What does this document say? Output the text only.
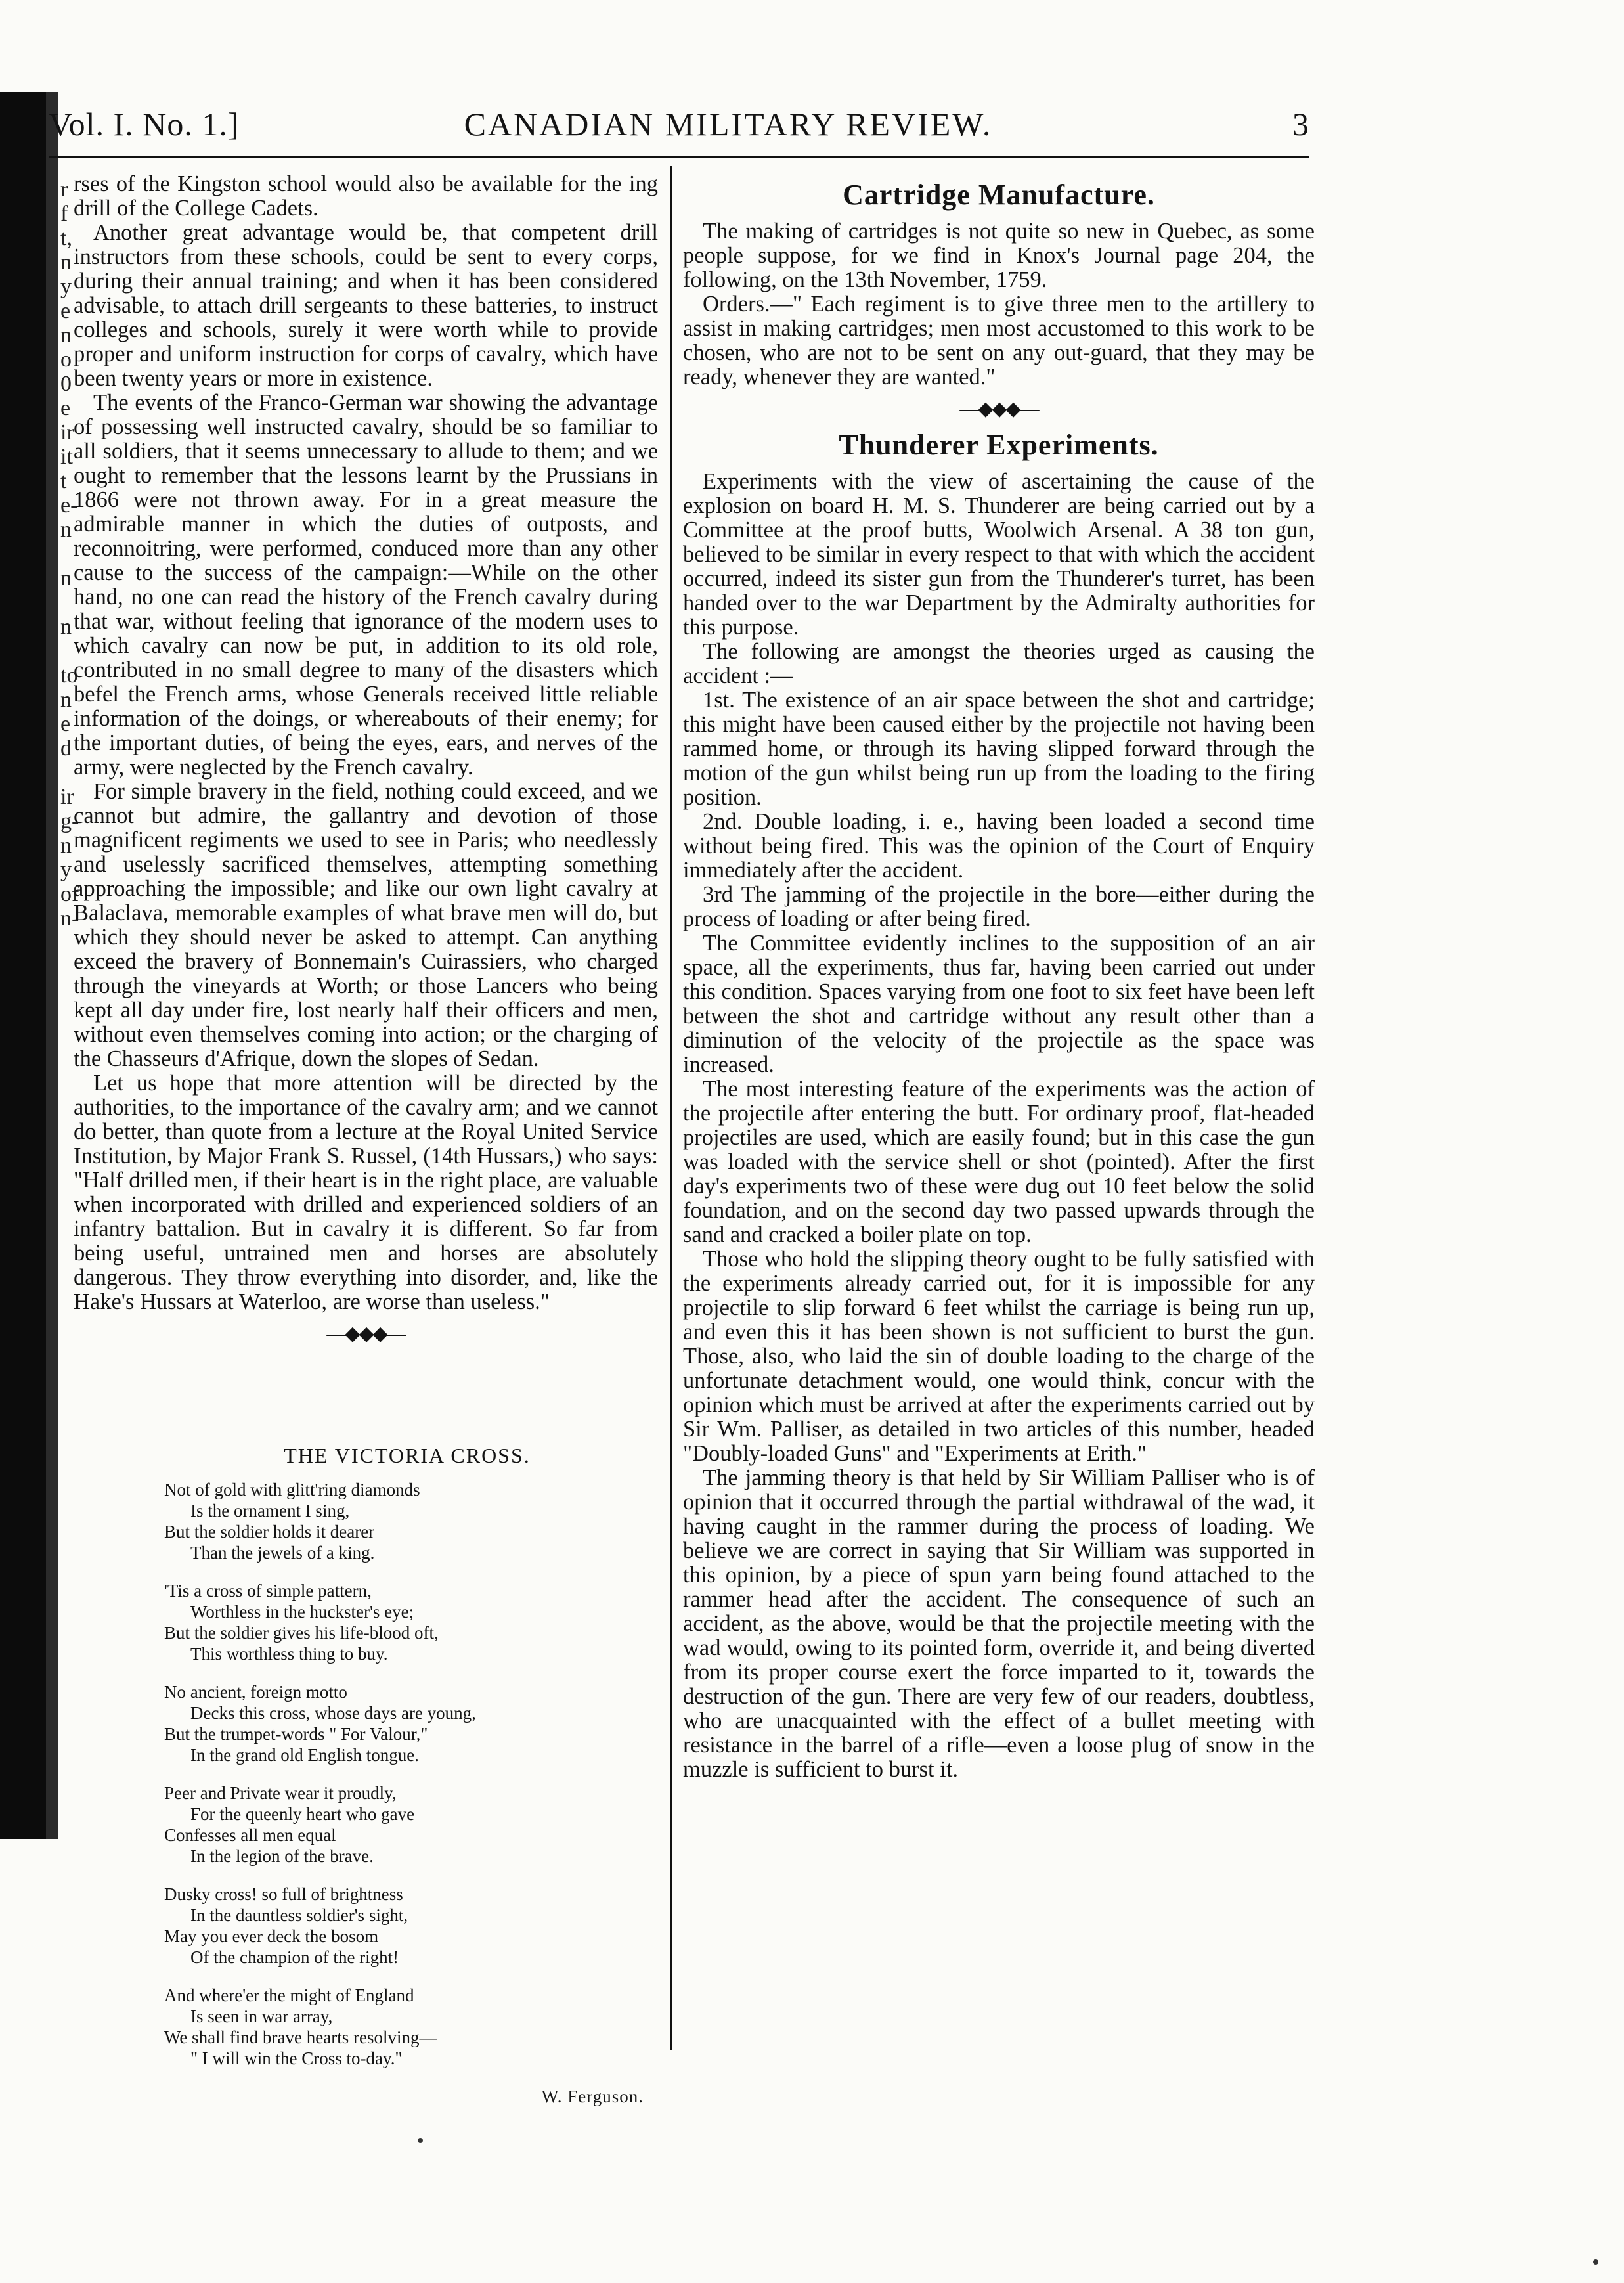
r
f
t,
n
y
e
n
o
0
e
ir
it
t
e-
n
n
n
to
n
e
d
ir
g-
n
y
of
n-
Vol. I. No. 1.]	CANADIAN MILITARY REVIEW.	3

rses of the Kingston school would also be available for the ing drill of the College Cadets.

Another great advantage would be, that competent drill instructors from these schools, could be sent to every corps, during their annual training; and when it has been considered advisable, to attach drill sergeants to these batteries, to instruct colleges and schools, surely it were worth while to provide proper and uniform instruction for corps of cavalry, which have been twenty years or more in existence.

The events of the Franco-German war showing the advantage of possessing well instructed cavalry, should be so familiar to all soldiers, that it seems unnecessary to allude to them; and we ought to remember that the lessons learnt by the Prussians in 1866 were not thrown away. For in a great measure the admirable manner in which the duties of outposts, and reconnoitring, were performed, conduced more than any other cause to the success of the campaign:—While on the other hand, no one can read the history of the French cavalry during that war, without feeling that ignorance of the modern uses to which cavalry can now be put, in addition to its old role, contributed in no small degree to many of the disasters which befel the French arms, whose Generals received little reliable information of the doings, or whereabouts of their enemy; for the important duties, of being the eyes, ears, and nerves of the army, were neglected by the French cavalry.

For simple bravery in the field, nothing could exceed, and we cannot but admire, the gallantry and devotion of those magnificent regiments we used to see in Paris; who needlessly and uselessly sacrificed themselves, attempting something approaching the impossible; and like our own light cavalry at Balaclava, memorable examples of what brave men will do, but which they should never be asked to attempt. Can anything exceed the bravery of Bonnemain's Cuirassiers, who charged through the vineyards at Worth; or those Lancers who being kept all day under fire, lost nearly half their officers and men, without even themselves coming into action; or the charging of the Chasseurs d'Afrique, down the slopes of Sedan.

Let us hope that more attention will be directed by the authorities, to the importance of the cavalry arm; and we cannot do better, than quote from a lecture at the Royal United Service Institution, by Major Frank S. Russel, (14th Hussars,) who says: "Half drilled men, if their heart is in the right place, are valuable when incorporated with drilled and experienced soldiers of an infantry battalion. But in cavalry it is different. So far from being useful, untrained men and horses are absolutely dangerous. They throw everything into disorder, and, like the Hake's Hussars at Waterloo, are worse than useless."

—◆◆◆—
THE VICTORIA CROSS.
Not of gold with glitt'ring diamonds
Is the ornament I sing,
But the soldier holds it dearer
Than the jewels of a king.
'Tis a cross of simple pattern,
Worthless in the huckster's eye;
But the soldier gives his life-blood oft,
This worthless thing to buy.
No ancient, foreign motto
Decks this cross, whose days are young,
But the trumpet-words " For Valour,"
In the grand old English tongue.
Peer and Private wear it proudly,
For the queenly heart who gave
Confesses all men equal
In the legion of the brave.
Dusky cross! so full of brightness
In the dauntless soldier's sight,
May you ever deck the bosom
Of the champion of the right!
And where'er the might of England
Is seen in war array,
We shall find brave hearts resolving—
" I will win the Cross to-day."
W. Ferguson.
Cartridge Manufacture.

The making of cartridges is not quite so new in Quebec, as some people suppose, for we find in Knox's Journal page 204, the following, on the 13th November, 1759.

Orders.—" Each regiment is to give three men to the artillery to assist in making cartridges; men most accustomed to this work to be chosen, who are not to be sent on any out-guard, that they may be ready, whenever they are wanted."

—◆◆◆—
Thunderer Experiments.

Experiments with the view of ascertaining the cause of the explosion on board H. M. S. Thunderer are being carried out by a Committee at the proof butts, Woolwich Arsenal. A 38 ton gun, believed to be similar in every respect to that with which the accident occurred, indeed its sister gun from the Thunderer's turret, has been handed over to the war Department by the Admiralty authorities for this purpose.

The following are amongst the theories urged as causing the accident :—

1st. The existence of an air space between the shot and cartridge; this might have been caused either by the projectile not having been rammed home, or through its having slipped forward through the motion of the gun whilst being run up from the loading to the firing position.

2nd. Double loading, i. e., having been loaded a second time without being fired. This was the opinion of the Court of Enquiry immediately after the accident.

3rd The jamming of the projectile in the bore—either during the process of loading or after being fired.

The Committee evidently inclines to the supposition of an air space, all the experiments, thus far, having been carried out under this condition. Spaces varying from one foot to six feet have been left between the shot and cartridge without any result other than a diminution of the velocity of the projectile as the space was increased.

The most interesting feature of the experiments was the action of the projectile after entering the butt. For ordinary proof, flat-headed projectiles are used, which are easily found; but in this case the gun was loaded with the service shell or shot (pointed). After the first day's experiments two of these were dug out 10 feet below the solid foundation, and on the second day two passed upwards through the sand and cracked a boiler plate on top.

Those who hold the slipping theory ought to be fully satisfied with the experiments already carried out, for it is impossible for any projectile to slip forward 6 feet whilst the carriage is being run up, and even this it has been shown is not sufficient to burst the gun. Those, also, who laid the sin of double loading to the charge of the unfortunate detachment would, one would think, concur with the opinion which must be arrived at after the experiments carried out by Sir Wm. Palliser, as detailed in two articles of this number, headed "Doubly-loaded Guns" and "Experiments at Erith."

The jamming theory is that held by Sir William Palliser who is of opinion that it occurred through the partial withdrawal of the wad, it having caught in the rammer during the process of loading. We believe we are correct in saying that Sir William was supported in this opinion, by a piece of spun yarn being found attached to the rammer head after the accident. The consequence of such an accident, as the above, would be that the projectile meeting with the wad would, owing to its pointed form, override it, and being diverted from its proper course exert the force imparted to it, towards the destruction of the gun. There are very few of our readers, doubtless, who are unacquainted with the effect of a bullet meeting with resistance in the barrel of a rifle—even a loose plug of snow in the muzzle is sufficient to burst it.
